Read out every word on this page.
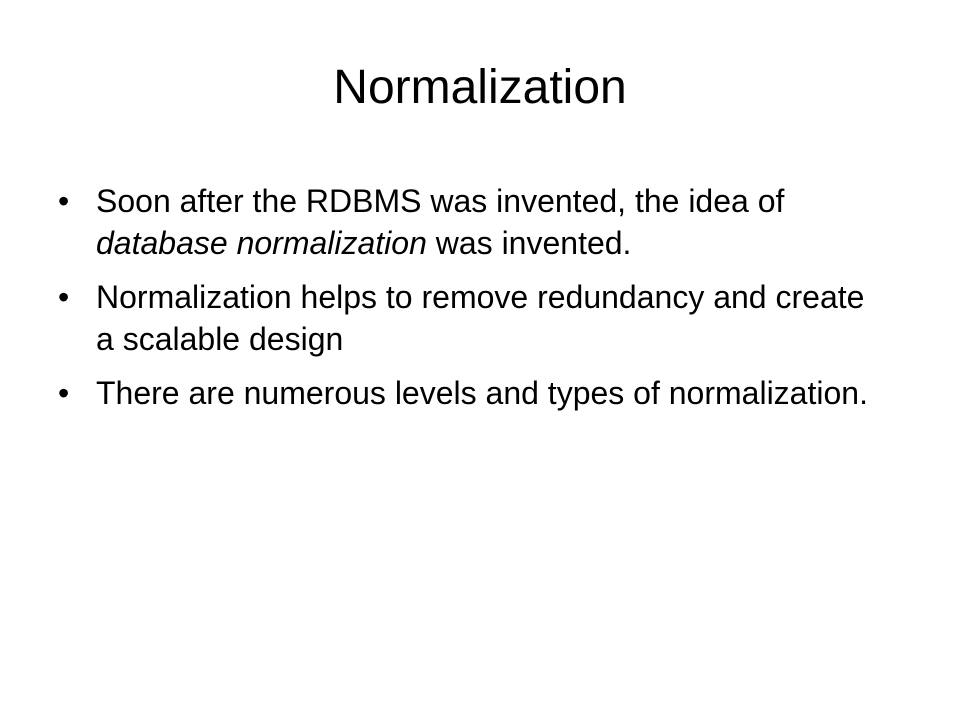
Normalization
• Soon after the RDBMS was invented, the idea of database normalization was invented.
• Normalization helps to remove redundancy and create a scalable design
• There are numerous levels and types of normalization.
